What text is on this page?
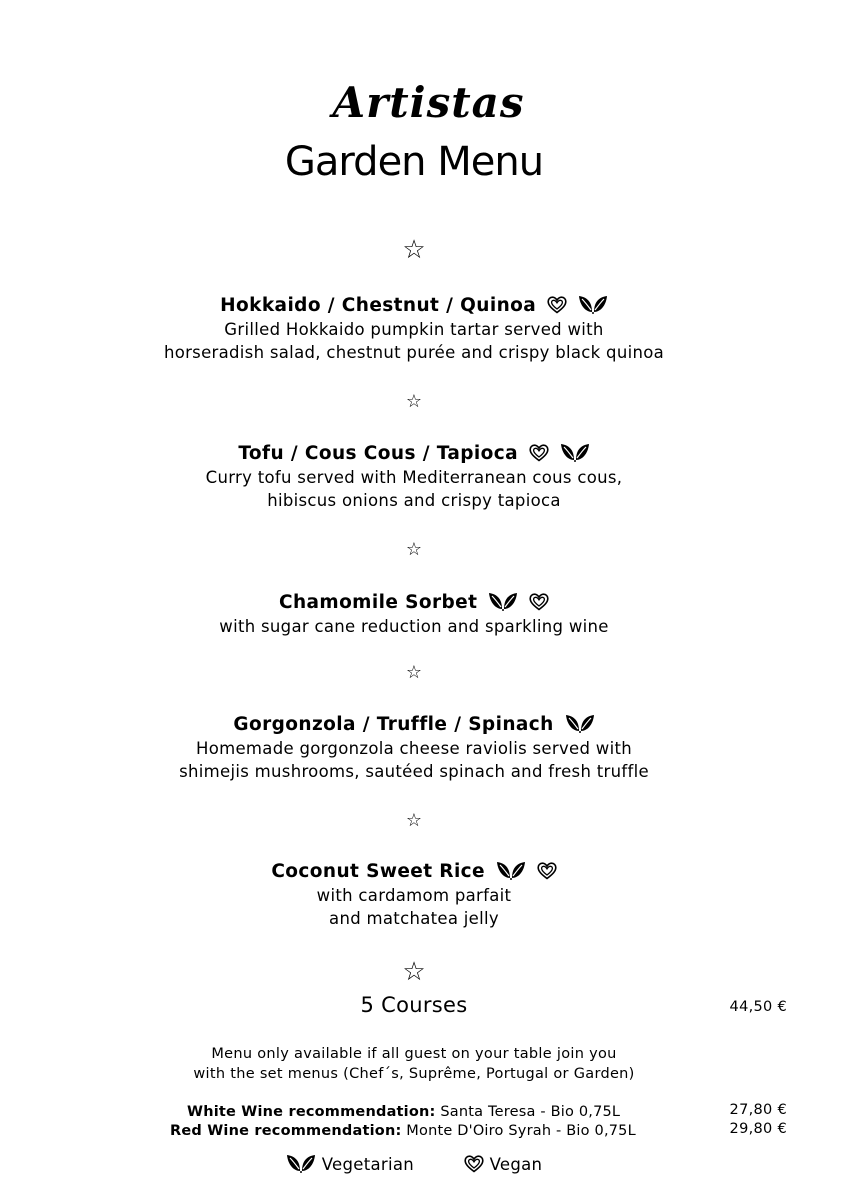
Artistas
Garden Menu
☆
Hokkaido / Chestnut / Quinoa
Grilled Hokkaido pumpkin tartar served with
horseradish salad, chestnut purée and crispy black quinoa
☆
Tofu / Cous Cous / Tapioca
Curry tofu served with Mediterranean cous cous,
hibiscus onions and crispy tapioca
☆
Chamomile Sorbet
with sugar cane reduction and sparkling wine
☆
Gorgonzola / Truffle / Spinach
Homemade gorgonzola cheese raviolis served with
shimejis mushrooms, sautéed spinach and fresh truffle
☆
Coconut Sweet Rice
with cardamom parfait
and matchatea jelly
☆
5 Courses	44,50 €
Menu only available if all guest on your table join you
with the set menus (Chef´s, Suprême, Portugal or Garden)
White Wine recommendation: Santa Teresa - Bio 0,75L	27,80 €
Red Wine recommendation: Monte D'Oiro Syrah - Bio 0,75L	29,80 €
Vegetarian	Vegan
